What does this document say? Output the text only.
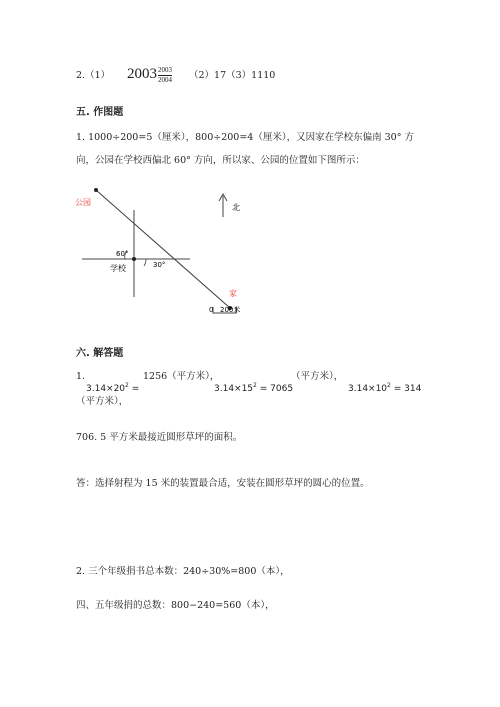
2.（1） 2003 2003
2004 （2）17（3）1110
五. 作图题
1. 1000÷200=5（厘米），800÷200=4（厘米），又因家在学校东偏南 30° 方
向，公园在学校西偏北 60° 方向，所以家、公园的位置如下图所示：
公园
60°
30°
学校
家
北
0 200米
六. 解答题
1.
$3.14\times 20^2$ =
1256（平方米），	（平方米），
$3.14\times 15^2 = 7065$	$3.14\times 10^2 = 314$
（平方米），
706. 5 平方米最接近圆形草坪的面积。
答：选择射程为 15 米的装置最合适，安装在圆形草坪的圆心的位置。
2. 三个年级捐书总本数：240÷30%=800（本），
四、五年级捐的总数：800−240=560（本），
